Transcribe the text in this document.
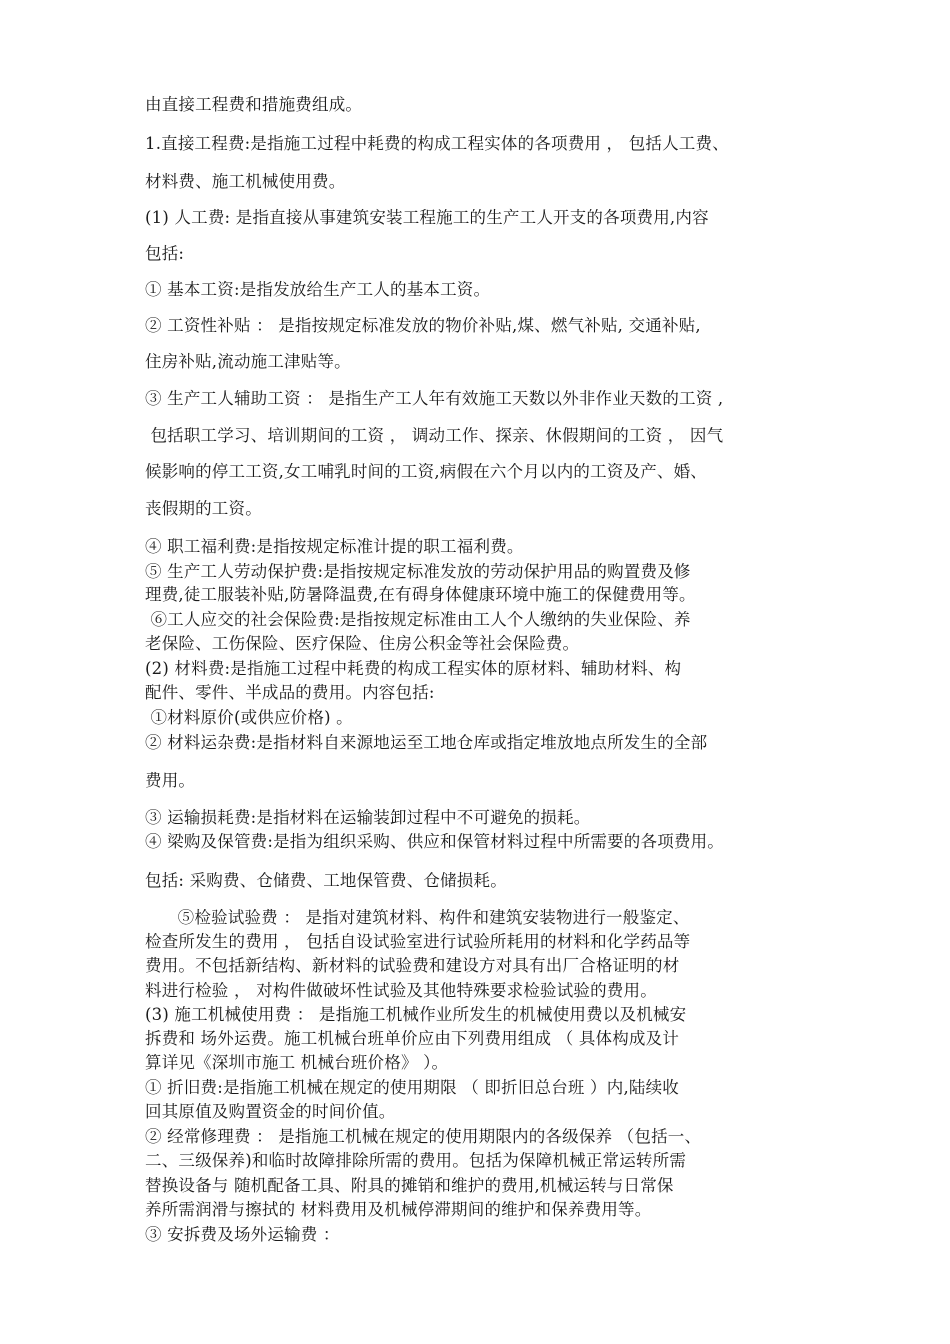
由直接工程费和措施费组成。
1.直接工程费:是指施工过程中耗费的构成工程实体的各项费用 ， 包括人工费、
材料费、施工机械使用费。
(1) 人工费: 是指直接从事建筑安装工程施工的生产工人开支的各项费用,内容
包括:
① 基本工资:是指发放给生产工人的基本工资。
② 工资性补贴 ： 是指按规定标准发放的物价补贴,煤、燃气补贴, 交通补贴,
住房补贴,流动施工津贴等。
③ 生产工人辅助工资 ： 是指生产工人年有效施工天数以外非作业天数的工资 ,
包括职工学习、培训期间的工资 ， 调动工作、探亲、休假期间的工资 ， 因气
候影响的停工工资,女工哺乳时间的工资,病假在六个月以内的工资及产、婚、
丧假期的工资。
④ 职工福利费:是指按规定标准计提的职工福利费。
⑤ 生产工人劳动保护费:是指按规定标准发放的劳动保护用品的购置费及修
理费,徒工服装补贴,防暑降温费,在有碍身体健康环境中施工的保健费用等。
⑥工人应交的社会保险费:是指按规定标准由工人个人缴纳的失业保险、养
老保险、工伤保险、医疗保险、住房公积金等社会保险费。
(2) 材料费:是指施工过程中耗费的构成工程实体的原材料、辅助材料、构
配件、零件、半成品的费用。内容包括:
①材料原价(或供应价格) 。
② 材料运杂费:是指材料自来源地运至工地仓库或指定堆放地点所发生的全部
费用。
③ 运输损耗费:是指材料在运输装卸过程中不可避免的损耗。
④ 梁购及保管费:是指为组织采购、供应和保管材料过程中所需要的各项费用。
包括: 采购费、仓储费、工地保管费、仓储损耗。
⑤检验试验费 ： 是指对建筑材料、构件和建筑安装物进行一般鉴定、
检查所发生的费用 ， 包括自设试验室进行试验所耗用的材料和化学药品等
费用。不包括新结构、新材料的试验费和建设方对具有出厂合格证明的材
料进行检验 ， 对构件做破坏性试验及其他特殊要求检验试验的费用。
(3) 施工机械使用费 ： 是指施工机械作业所发生的机械使用费以及机械安
拆费和 场外运费。施工机械台班单价应由下列费用组成 （ 具体构成及计
算详见《深圳市施工 机械台班价格》 ）。
① 折旧费:是指施工机械在规定的使用期限 （ 即折旧总台班 ）内,陆续收
回其原值及购置资金的时间价值。
② 经常修理费 ： 是指施工机械在规定的使用期限内的各级保养 （包括一、
二、三级保养)和临时故障排除所需的费用。包括为保障机械正常运转所需
替换设备与 随机配备工具、附具的摊销和维护的费用,机械运转与日常保
养所需润滑与擦拭的 材料费用及机械停滞期间的维护和保养费用等。
③ 安拆费及场外运输费 ：
